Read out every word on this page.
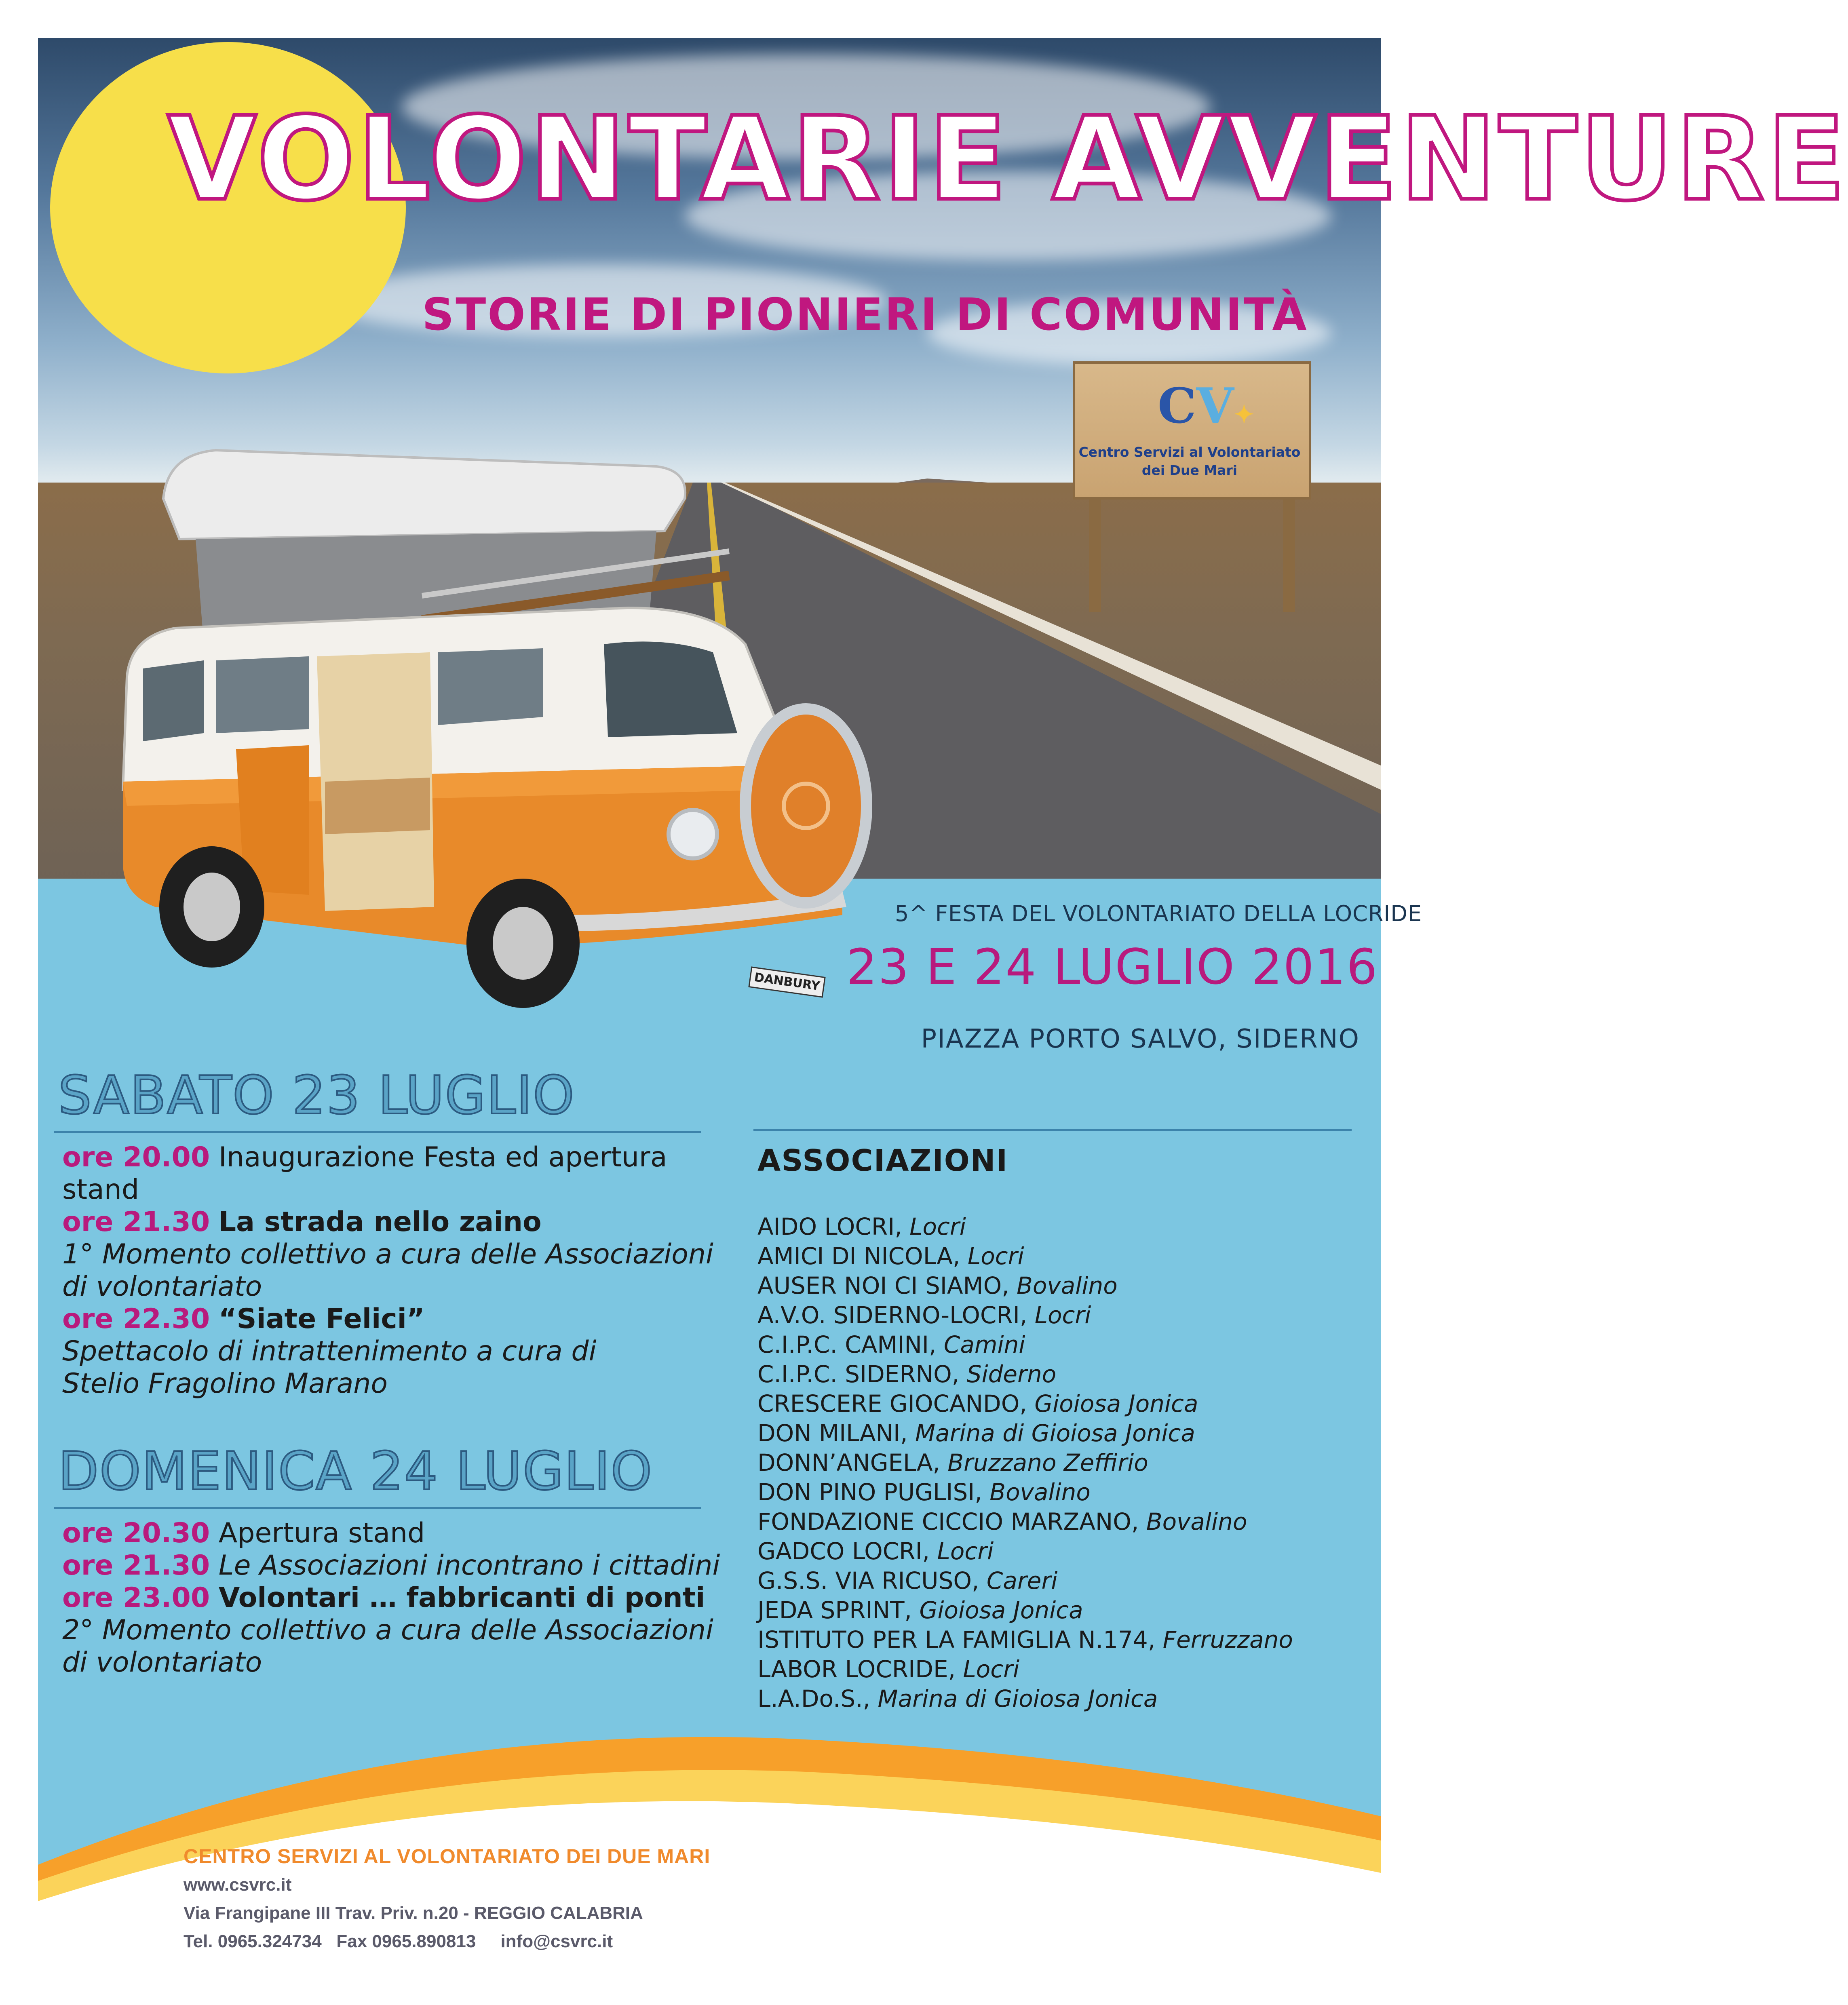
VOLONTARIE AVVENTURE
STORIE DI PIONIERI DI COMUNITÀ
CV✦
Centro Servizi al Volontariato
dei Due Mari
DANBURY
5^ FESTA DEL VOLONTARIATO DELLA LOCRIDE
23 E 24 LUGLIO 2016
PIAZZA PORTO SALVO, SIDERNO
SABATO 23 LUGLIO
ore 20.00 Inaugurazione Festa ed apertura
stand
ore 21.30 La strada nello zaino
1° Momento collettivo a cura delle Associazioni
di volontariato
ore 22.30 “Siate Felici”
Spettacolo di intrattenimento a cura di
Stelio Fragolino Marano
DOMENICA 24 LUGLIO
ore 20.30 Apertura stand
ore 21.30 Le Associazioni incontrano i cittadini
ore 23.00 Volontari … fabbricanti di ponti
2° Momento collettivo a cura delle Associazioni
di volontariato
ASSOCIAZIONI
AIDO LOCRI, Locri
AMICI DI NICOLA, Locri
AUSER NOI CI SIAMO, Bovalino
A.V.O. SIDERNO-LOCRI, Locri
C.I.P.C. CAMINI, Camini
C.I.P.C. SIDERNO, Siderno
CRESCERE GIOCANDO, Gioiosa Jonica
DON MILANI, Marina di Gioiosa Jonica
DONN’ANGELA, Bruzzano Zeffirio
DON PINO PUGLISI, Bovalino
FONDAZIONE CICCIO MARZANO, Bovalino
GADCO LOCRI, Locri
G.S.S. VIA RICUSO, Careri
JEDA SPRINT, Gioiosa Jonica
ISTITUTO PER LA FAMIGLIA N.174, Ferruzzano
LABOR LOCRIDE, Locri
L.A.Do.S., Marina di Gioiosa Jonica
CENTRO SERVIZI AL VOLONTARIATO DEI DUE MARI
www.csvrc.it
Via Frangipane III Trav. Priv. n.20 - REGGIO CALABRIA
Tel. 0965.324734   Fax 0965.890813     info@csvrc.it
